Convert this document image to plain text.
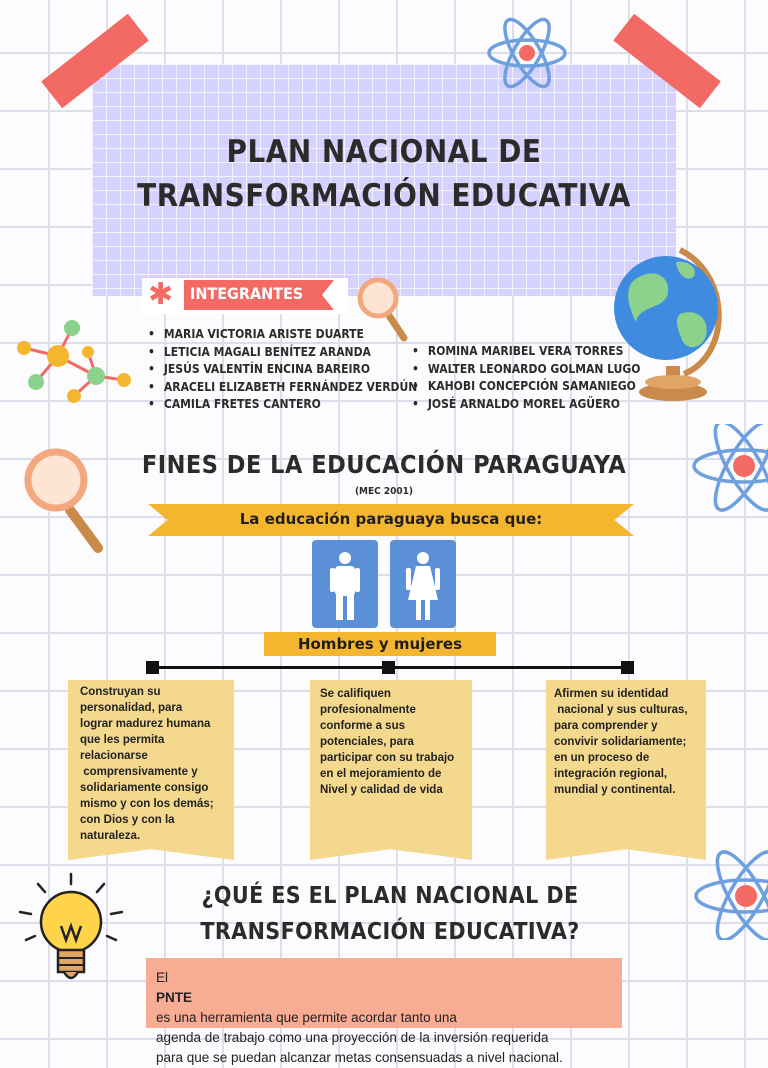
PLAN NACIONAL DE
TRANSFORMACIÓN EDUCATIVA
✱ INTEGRANTES
• MARIA VICTORIA ARISTE DUARTE
• LETICIA MAGALI BENÍTEZ ARANDA
• JESÚS VALENTÍN ENCINA BAREIRO
• ARACELI ELIZABETH FERNÁNDEZ VERDÚN
• CAMILA FRETES CANTERO
• ROMINA MARIBEL VERA TORRES
• WALTER LEONARDO GOLMAN LUGO
• KAHOBI CONCEPCIÓN SAMANIEGO
• JOSÉ ARNALDO MOREL AGÜERO
FINES DE LA EDUCACIÓN PARAGUAYA
(MEC 2001)
La educación paraguaya busca que:
Hombres y mujeres
Construyan su
personalidad, para
lograr madurez humana
que les permita
relacionarse
comprensivamente y
solidariamente consigo
mismo y con los demás;
con Dios y con la
naturaleza.
Se califiquen
profesionalmente
conforme a sus
potenciales, para
participar con su trabajo
en el mejoramiento de
Nivel y calidad de vida
Afirmen su identidad
nacional y sus culturas,
para comprender y
convivir solidariamente;
en un proceso de
integración regional,
mundial y continental.
¿QUÉ ES EL PLAN NACIONAL DE
TRANSFORMACIÓN EDUCATIVA?
El
PNTE
es una herramienta que permite acordar tanto una
agenda de trabajo como una proyección de la inversión requerida
para que se puedan alcanzar metas consensuadas a nivel nacional.
